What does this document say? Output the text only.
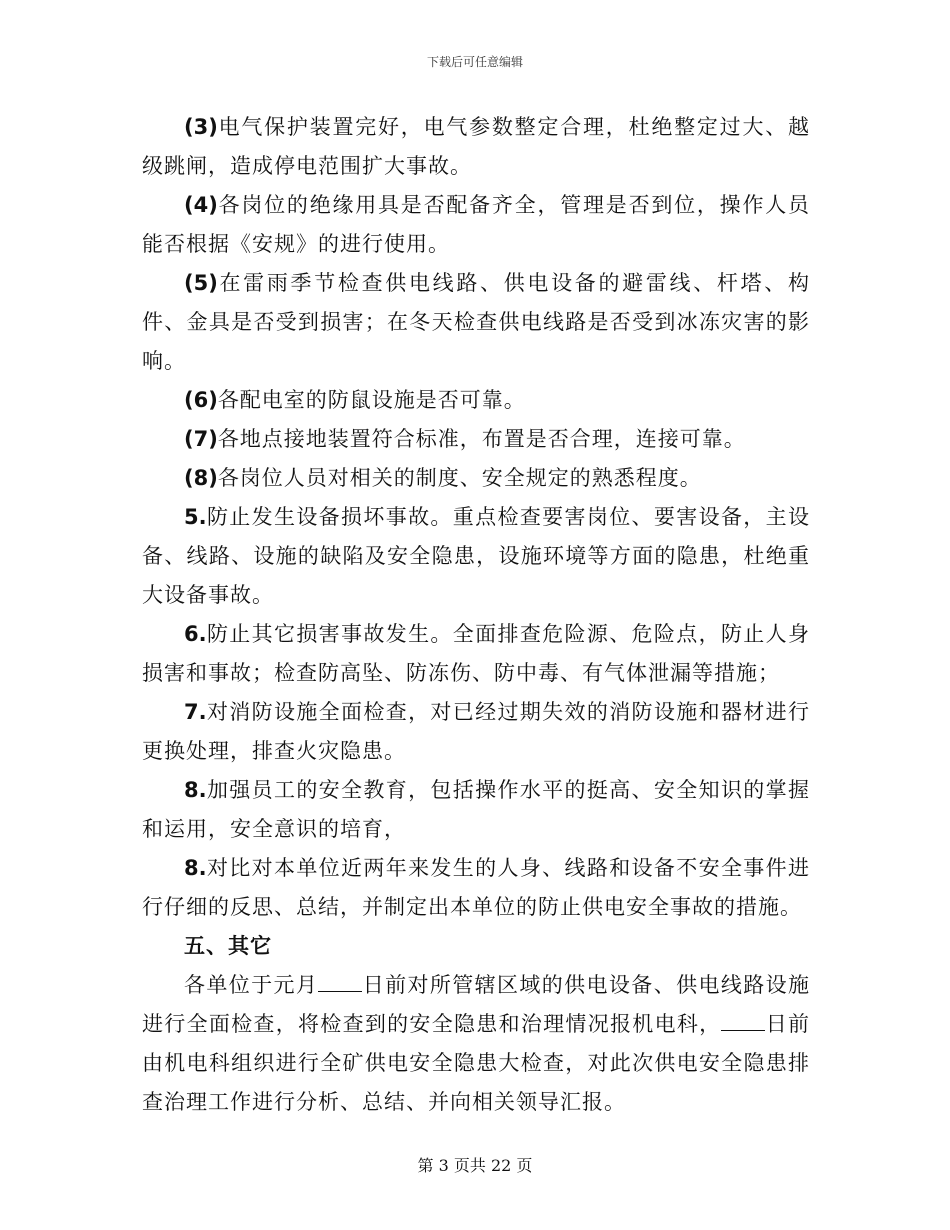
下载后可任意编辑

(3)电气保护装置完好，电气参数整定合理，杜绝整定过大、越级跳闸，造成停电范围扩大事故。

(4)各岗位的绝缘用具是否配备齐全，管理是否到位，操作人员能否根据《安规》的进行使用。

(5)在雷雨季节检查供电线路、供电设备的避雷线、杆塔、构件、金具是否受到损害；在冬天检查供电线路是否受到冰冻灾害的影响。

(6)各配电室的防鼠设施是否可靠。

(7)各地点接地装置符合标准，布置是否合理，连接可靠。

(8)各岗位人员对相关的制度、安全规定的熟悉程度。

5.防止发生设备损坏事故。重点检查要害岗位、要害设备，主设备、线路、设施的缺陷及安全隐患，设施环境等方面的隐患，杜绝重大设备事故。

6.防止其它损害事故发生。全面排查危险源、危险点，防止人身损害和事故；检查防高坠、防冻伤、防中毒、有气体泄漏等措施；

7.对消防设施全面检查，对已经过期失效的消防设施和器材进行更换处理，排查火灾隐患。

8.加强员工的安全教育，包括操作水平的挺高、安全知识的掌握和运用，安全意识的培育，

8.对比对本单位近两年来发生的人身、线路和设备不安全事件进行仔细的反思、总结，并制定出本单位的防止供电安全事故的措施。

五、其它

各单位于元月 日前对所管辖区域的供电设备、供电线路设施进行全面检查，将检查到的安全隐患和治理情况报机电科， 日前由机电科组织进行全矿供电安全隐患大检查，对此次供电安全隐患排查治理工作进行分析、总结、并向相关领导汇报。

第 3 页共 22 页
